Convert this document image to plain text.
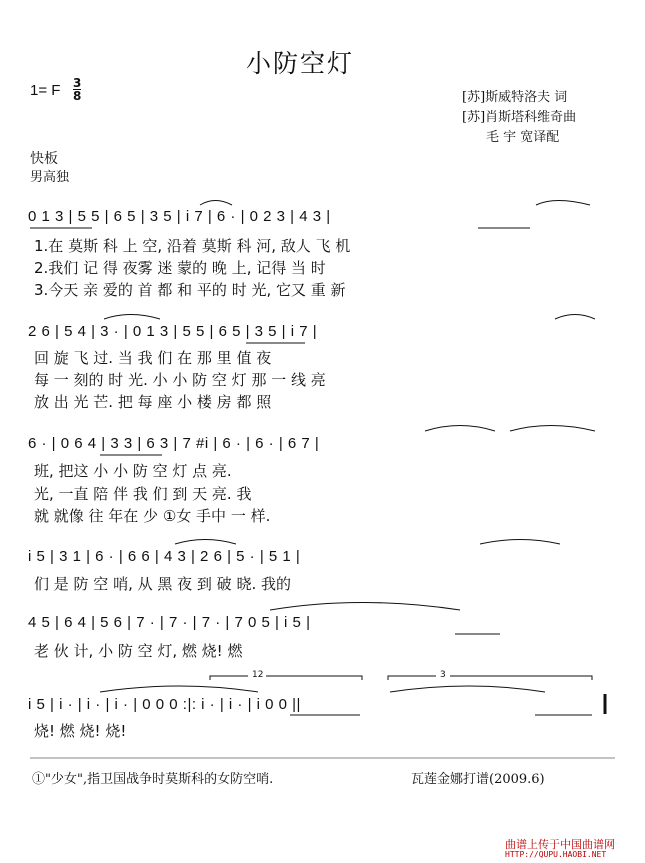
小防空灯
1= F 3
8	[苏]斯威特洛夫 词
[苏]肖斯塔科维奇曲
毛 宇 宽译配
快板
男高独
0 1 3 | 5 5 | 6 5 | 3 5 | i 7 | 6 · | 0 2 3 | 4 3 |
1.在 莫斯 科 上 空, 沿着 莫斯 科 河, 敌人 飞 机
2.我们 记 得 夜雾 迷 蒙的 晚 上, 记得 当 时
3.今天 亲 爱的 首 都 和 平的 时 光, 它又 重 新
2 6 | 5 4 | 3 · | 0 1 3 | 5 5 | 6 5 | 3 5 | i 7 |
回 旋 飞 过. 当 我 们 在 那 里 值 夜
每 一 刻的 时 光. 小 小 防 空 灯 那 一 线 亮
放 出 光 芒. 把 每 座 小 楼 房 都 照
6 · | 0 6 4 | 3 3 | 6 3 | 7 #i | 6 · | 6 · | 6 7 |
班, 把这 小 小 防 空 灯 点 亮.
光, 一直 陪 伴 我 们 到 天 亮. 我
就 就像 往 年在 少 ①女 手中 一 样.
i 5 | 3 1 | 6 · | 6 6 | 4 3 | 2 6 | 5 · | 5 1 |
们 是 防 空 哨, 从 黑 夜 到 破 晓. 我的
4 5 | 6 4 | 5 6 | 7 · | 7 · | 7 · | 7 0 5 | i 5 |
老 伙 计, 小 防 空 灯, 燃 烧! 燃
i 5 | i · | i · | i · | 0 0 0 :|: i · | i · | i 0 0 ||
烧! 燃 烧! 烧!
12	3
①"少女",指卫国战争时莫斯科的女防空哨.	瓦莲金娜打谱(2009.6)
曲谱上传于中国曲谱网
HTTP://QUPU.HAOBI.NET
